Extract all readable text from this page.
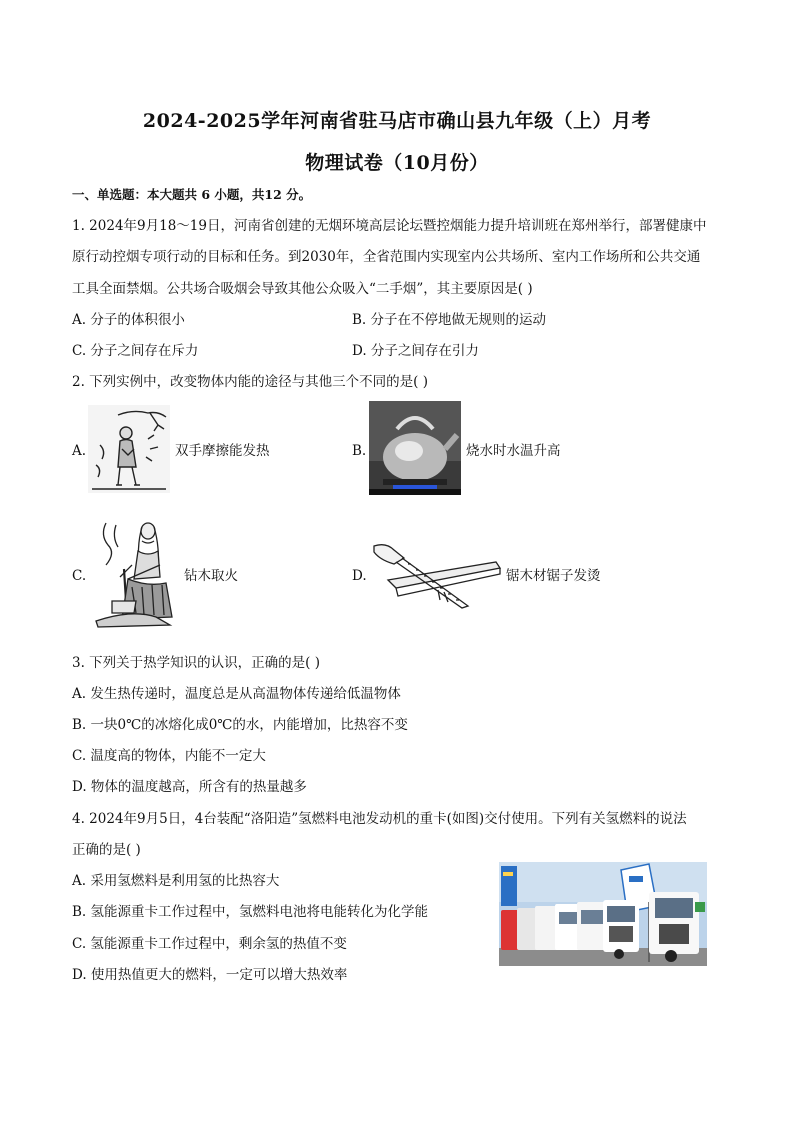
2024-2025学年河南省驻马店市确山县九年级（上）月考
物理试卷（10月份）
一、单选题：本大题共 6 小题，共12 分。
1. 2024年9月18～19日，河南省创建的无烟环境高层论坛暨控烟能力提升培训班在郑州举行，部署健康中
原行动控烟专项行动的目标和任务。到2030年，全省范围内实现室内公共场所、室内工作场所和公共交通
工具全面禁烟。公共场合吸烟会导致其他公众吸入“二手烟”，其主要原因是( )
A. 分子的体积很小	B. 分子在不停地做无规则的运动
C. 分子之间存在斥力	D. 分子之间存在引力
2. 下列实例中，改变物体内能的途径与其他三个不同的是( )
A.	双手摩擦能发热	B.	烧水时水温升高
C.	钻木取火	D.	锯木材锯子发烫
3. 下列关于热学知识的认识，正确的是( )
A. 发生热传递时，温度总是从高温物体传递给低温物体
B. 一块0℃的冰熔化成0℃的水，内能增加，比热容不变
C. 温度高的物体，内能不一定大
D. 物体的温度越高，所含有的热量越多
4. 2024年9月5日，4台装配“洛阳造”氢燃料电池发动机的重卡(如图)交付使用。下列有关氢燃料的说法
正确的是( )
A. 采用氢燃料是利用氢的比热容大
B. 氢能源重卡工作过程中，氢燃料电池将电能转化为化学能
C. 氢能源重卡工作过程中，剩余氢的热值不变
D. 使用热值更大的燃料，一定可以增大热效率
